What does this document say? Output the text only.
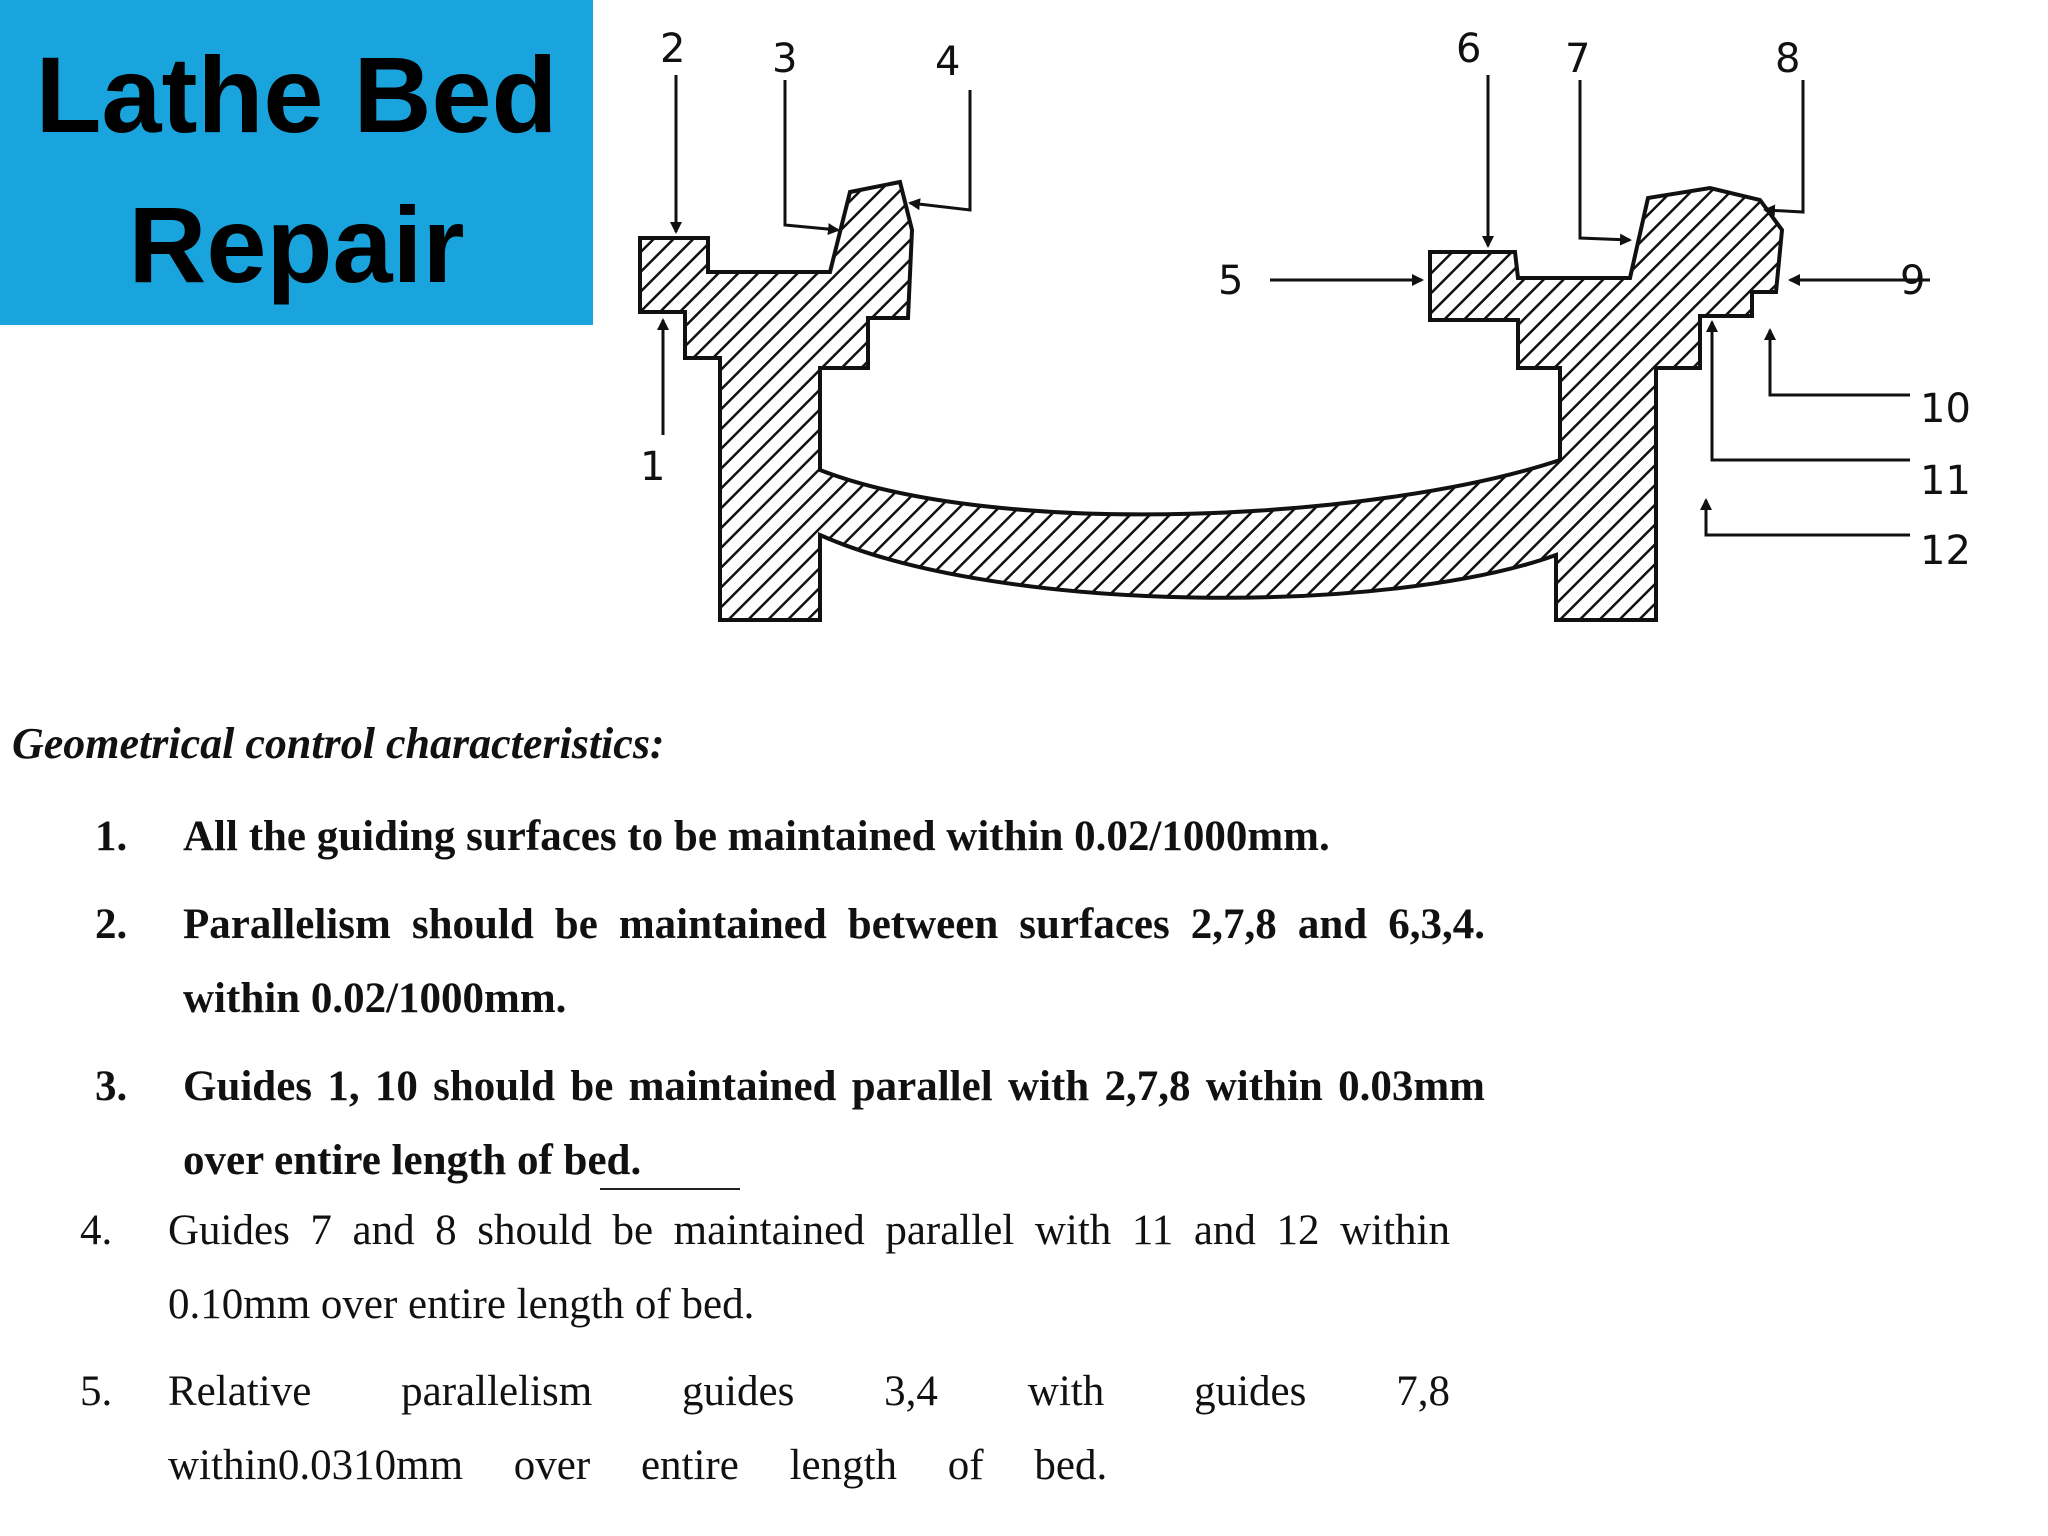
Lathe Bed
Repair
1
2 3	4
5
6 7	8
9
10
11
12
Geometrical control characteristics:
1. All the guiding surfaces to be maintained within 0.02/1000mm.
2. Parallelism should be maintained between surfaces 2,7,8 and 6,3,4. within 0.02/1000mm.
3. Guides 1, 10 should be maintained parallel with 2,7,8 within 0.03mm over entire length of bed.
4. Guides 7 and 8 should be maintained parallel with 11 and 12 within 0.10mm over entire length of bed.
5. Relative parallelism guides 3,4 with guides 7,8 within0.0310mm over entire length of bed.
